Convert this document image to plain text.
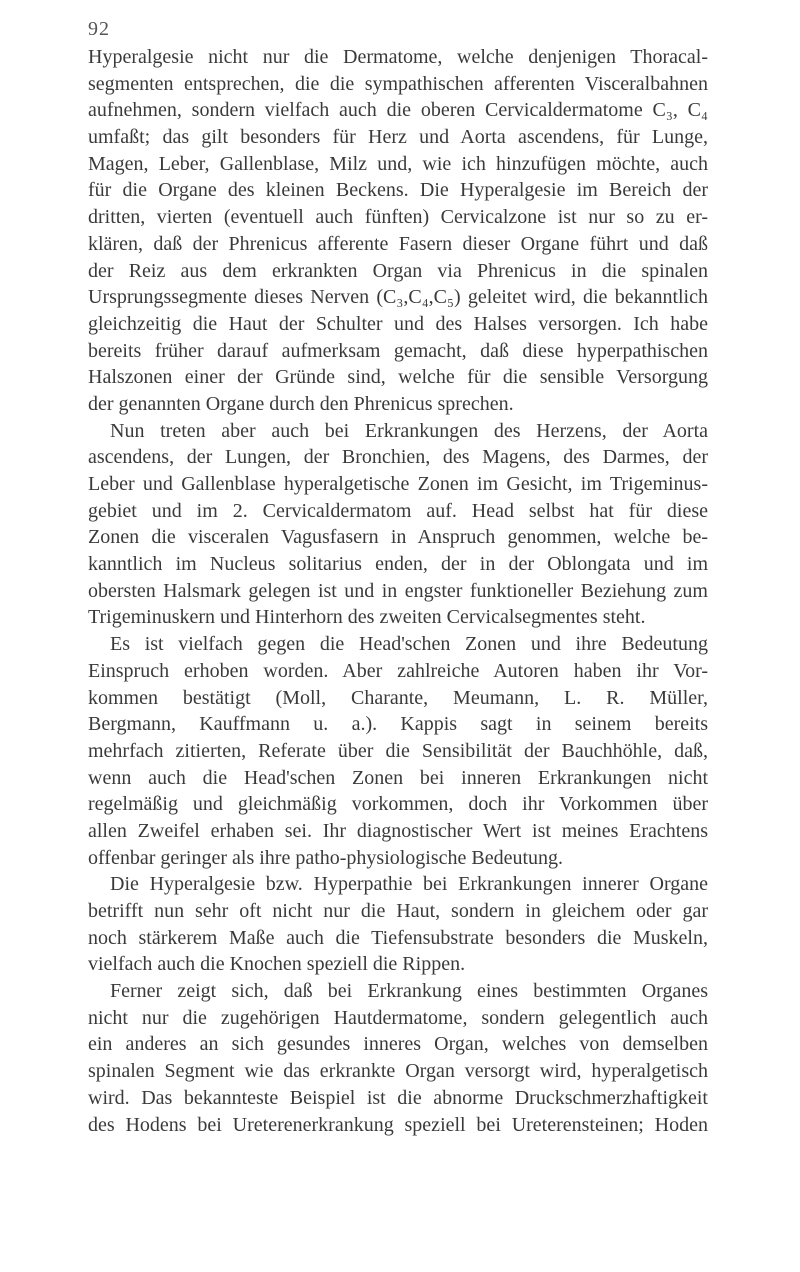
92
Hyperalgesie nicht nur die Dermatome, welche denjenigen Thoracal-
segmenten entsprechen, die die sympathischen afferenten Visceralbahnen
aufnehmen, sondern vielfach auch die oberen Cervicaldermatome C₃, C₄
umfaßt; das gilt besonders für Herz und Aorta ascendens, für Lunge,
Magen, Leber, Gallenblase, Milz und, wie ich hinzufügen möchte, auch
für die Organe des kleinen Beckens. Die Hyperalgesie im Bereich der
dritten, vierten (eventuell auch fünften) Cervicalzone ist nur so zu er-
klären, daß der Phrenicus afferente Fasern dieser Organe führt und daß
der Reiz aus dem erkrankten Organ via Phrenicus in die spinalen
Ursprungssegmente dieses Nerven (C₃,C₄,C₅) geleitet wird, die bekanntlich
gleichzeitig die Haut der Schulter und des Halses versorgen. Ich habe
bereits früher darauf aufmerksam gemacht, daß diese hyperpathischen
Halszonen einer der Gründe sind, welche für die sensible Versorgung
der genannten Organe durch den Phrenicus sprechen.
Nun treten aber auch bei Erkrankungen des Herzens, der Aorta
ascendens, der Lungen, der Bronchien, des Magens, des Darmes, der
Leber und Gallenblase hyperalgetische Zonen im Gesicht, im Trigeminus-
gebiet und im 2. Cervicaldermatom auf. Head selbst hat für diese
Zonen die visceralen Vagusfasern in Anspruch genommen, welche be-
kanntlich im Nucleus solitarius enden, der in der Oblongata und im
obersten Halsmark gelegen ist und in engster funktioneller Beziehung zum
Trigeminuskern und Hinterhorn des zweiten Cervicalsegmentes steht.
Es ist vielfach gegen die Head'schen Zonen und ihre Bedeutung
Einspruch erhoben worden. Aber zahlreiche Autoren haben ihr Vor-
kommen bestätigt (Moll, Charante, Meumann, L. R. Müller,
Bergmann, Kauffmann u. a.). Kappis sagt in seinem bereits
mehrfach zitierten, Referate über die Sensibilität der Bauchhöhle, daß,
wenn auch die Head'schen Zonen bei inneren Erkrankungen nicht
regelmäßig und gleichmäßig vorkommen, doch ihr Vorkommen über
allen Zweifel erhaben sei. Ihr diagnostischer Wert ist meines Erachtens
offenbar geringer als ihre patho-physiologische Bedeutung.
Die Hyperalgesie bzw. Hyperpathie bei Erkrankungen innerer Organe
betrifft nun sehr oft nicht nur die Haut, sondern in gleichem oder gar
noch stärkerem Maße auch die Tiefensubstrate besonders die Muskeln,
vielfach auch die Knochen speziell die Rippen.
Ferner zeigt sich, daß bei Erkrankung eines bestimmten Organes
nicht nur die zugehörigen Hautdermatome, sondern gelegentlich auch
ein anderes an sich gesundes inneres Organ, welches von demselben
spinalen Segment wie das erkrankte Organ versorgt wird, hyperalgetisch
wird. Das bekannteste Beispiel ist die abnorme Druckschmerzhaftigkeit
des Hodens bei Ureterenerkrankung speziell bei Ureterensteinen; Hoden
